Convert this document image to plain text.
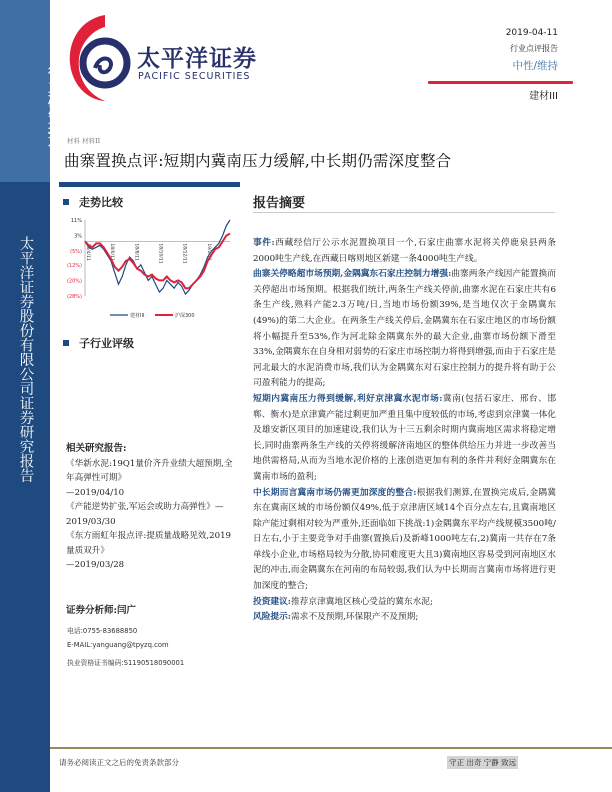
行业研究报告
太平洋证券股份有限公司证券研究报告
太平洋证券
PACIFIC SECURITIES
2019-04-11
行业点评报告
中性/维持
建材III
材料 材料II
曲寨置换点评:短期内冀南压力缓解,中长期仍需深度整合
走势比较
11%
3%
(5%)
(12%)
(20%)
(28%)
18/4/11	18/6/11	18/8/11	18/10/11	18/12/11	19/2/11
建材III	沪深300
子行业评级
相关研究报告:
《华新水泥:19Q1量价齐升业绩大超预期,全年高弹性可期》
—2019/04/10
《产能逆势扩张,军运会或助力高弹性》—2019/03/30
《东方雨虹年报点评:提质量战略见效,2019量质双升》
—2019/03/28
证券分析师:闫广
电话:0755-83688850
E-MAIL:yanguang@tpyzq.com
执业资格证书编码:S1190518090001
报告摘要

事件:西藏经信厅公示水泥置换项目一个,石家庄曲寨水泥将关停鹿泉县两条2000吨生产线,在西藏日喀则地区新建一条4000吨生产线。

曲寨关停略超市场预期,金隅冀东石家庄控制力增强:曲寨两条产线因产能置换而关停超出市场预期。根据我们统计,两条生产线关停前,曲寨水泥在石家庄共有6条生产线,熟料产能2.3万吨/日,当地市场份额39%,是当地仅次于金隅冀东(49%)的第二大企业。在两条生产线关停后,金隅冀东在石家庄地区的市场份额将小幅提升至53%,作为河北除金隅冀东外的最大企业,曲寨市场份额下滑至33%,金隅冀东在自身相对弱势的石家庄市场控制力将得到增强,而由于石家庄是河北最大的水泥消费市场,我们认为金隅冀东对石家庄控制力的提升将有助于公司盈利能力的提高;

短期内冀南压力得到缓解,利好京津冀水泥市场:冀南(包括石家庄、邢台、邯郸、衡水)是京津冀产能过剩更加严重且集中度较低的市场,考虑到京津冀一体化及雄安新区项目的加速建设,我们认为十三五剩余时期内冀南地区需求将稳定增长,同时曲寨两条生产线的关停将缓解济南地区的整体供给压力并进一步改善当地供需格局,从而为当地水泥价格的上涨创造更加有利的条件并利好金隅冀东在冀南市场的盈利;

中长期而言冀南市场仍需更加深度的整合:根据我们测算,在置换完成后,金隅冀东在冀南区域的市场份额仅49%,低于京津唐区域14个百分点左右,且冀南地区除产能过剩相对较为严重外,还面临如下挑战:1)金隅冀东平均产线规模3500吨/日左右,小于主要竞争对手曲寨(置换后)及新峰1000吨左右,2)冀南一共存在7条单线小企业,市场格局较为分散,协同难度更大且3)冀南地区容易受到河南地区水泥的冲击,而金隅冀东在河南的布局较弱,我们认为中长期而言冀南市场将进行更加深度的整合;

投资建议:推荐京津冀地区核心受益的冀东水泥;

风险提示:需求不及预期,环保限产不及预期;

请务必阅读正文之后的免责条款部分	守正 出奇 宁静 致远
